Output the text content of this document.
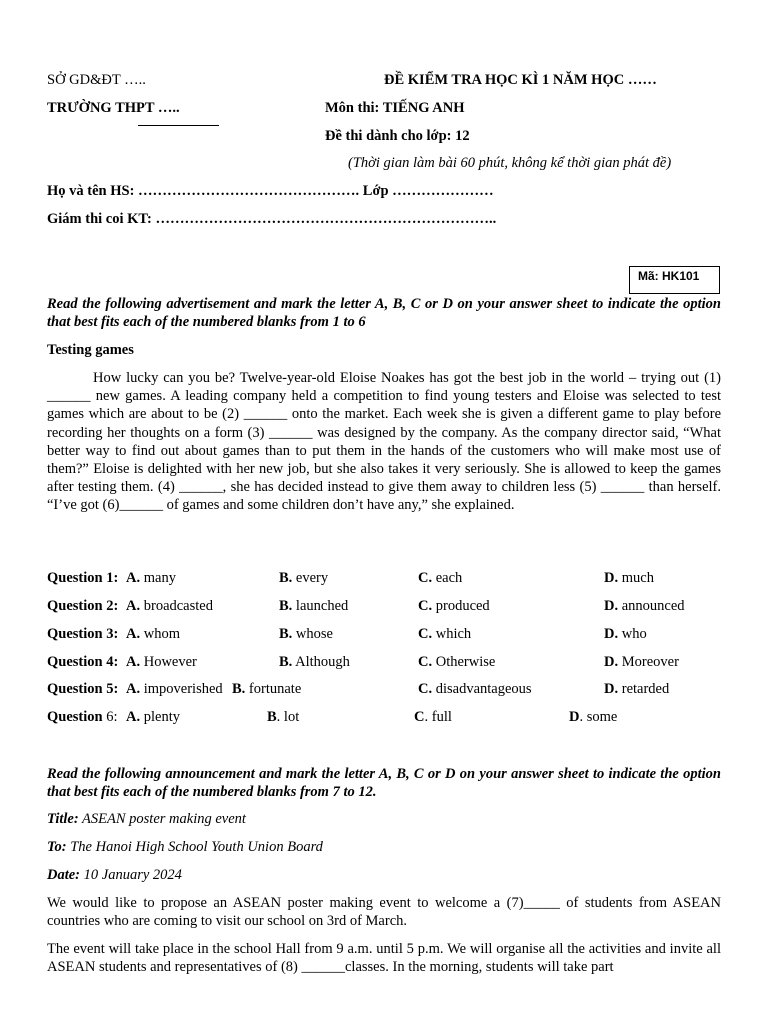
SỞ GD&ĐT …..
TRƯỜNG THPT …..
ĐỀ KIỂM TRA HỌC KÌ 1 NĂM HỌC ……
Môn thi: TIẾNG ANH
Đề thi dành cho lớp: 12
(Thời gian làm bài 60 phút, không kể thời gian phát đề)
Họ và tên HS: ………………………………………. Lớp …………………
Giám thi coi KT: ……………………………………………………………..
Mã: HK101
Read the following advertisement and mark the letter A, B, C or D on your answer sheet to indicate the option that best fits each of the numbered blanks from 1 to 6
Testing games
How lucky can you be? Twelve-year-old Eloise Noakes has got the best job in the world – trying out (1) ______ new games. A leading company held a competition to find young testers and Eloise was selected to test games which are about to be (2) ______ onto the market. Each week she is given a different game to play before recording her thoughts on a form (3) ______ was designed by the company. As the company director said, “What better way to find out about games than to put them in the hands of the customers who will make most use of them?” Eloise is delighted with her new job, but she also takes it very seriously. She is allowed to keep the games after testing them. (4) ______, she has decided instead to give them away to children less (5) ______ than herself. “I’ve got (6)______ of games and some children don’t have any,” she explained.
Question 1: A. many	B. every	C. each	D. much
Question 2: A. broadcasted	B. launched	C. produced	D. announced
Question 3: A. whom	B. whose	C. which	D. who
Question 4: A. However	B. Although	C. Otherwise	D. Moreover
Question 5: A. impoverished B. fortunate	C. disadvantageous	D. retarded
Question 6: A. plenty	B. lot	C. full	D. some
Read the following announcement and mark the letter A, B, C or D on your answer sheet to indicate the option that best fits each of the numbered blanks from 7 to 12.
Title: ASEAN poster making event
To: The Hanoi High School Youth Union Board
Date: 10 January 2024
We would like to propose an ASEAN poster making event to welcome a (7)_____ of students from ASEAN countries who are coming to visit our school on 3rd of March.
The event will take place in the school Hall from 9 a.m. until 5 p.m. We will organise all the activities and invite all ASEAN students and representatives of (8) ______classes. In the morning, students will take part
